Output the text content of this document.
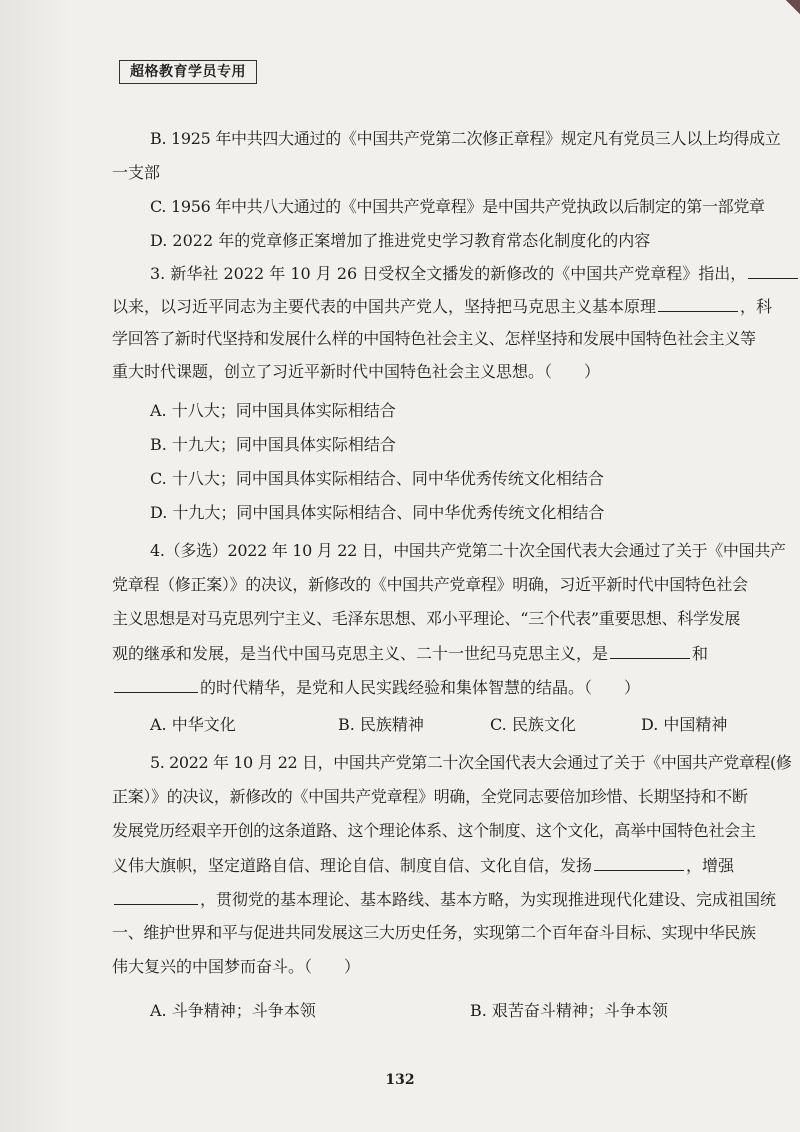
超格教育学员专用
B. 1925 年中共四大通过的《中国共产党第二次修正章程》规定凡有党员三人以上均得成立
一支部
C. 1956 年中共八大通过的《中国共产党章程》是中国共产党执政以后制定的第一部党章
D. 2022 年的党章修正案增加了推进党史学习教育常态化制度化的内容
3. 新华社 2022 年 10 月 26 日受权全文播发的新修改的《中国共产党章程》指出，
以来，以习近平同志为主要代表的中国共产党人，坚持把马克思主义基本原理	，科
学回答了新时代坚持和发展什么样的中国特色社会主义、怎样坚持和发展中国特色社会主义等
重大时代课题，创立了习近平新时代中国特色社会主义思想。（　　）
A. 十八大；同中国具体实际相结合
B. 十九大；同中国具体实际相结合
C. 十八大；同中国具体实际相结合、同中华优秀传统文化相结合
D. 十九大；同中国具体实际相结合、同中华优秀传统文化相结合
4.（多选）2022 年 10 月 22 日，中国共产党第二十次全国代表大会通过了关于《中国共产
党章程（修正案）》的决议，新修改的《中国共产党章程》明确，习近平新时代中国特色社会
主义思想是对马克思列宁主义、毛泽东思想、邓小平理论、“三个代表”重要思想、科学发展
观的继承和发展，是当代中国马克思主义、二十一世纪马克思主义，是	和
的时代精华，是党和人民实践经验和集体智慧的结晶。（　　）
A. 中华文化	B. 民族精神	C. 民族文化	D. 中国精神
5. 2022 年 10 月 22 日，中国共产党第二十次全国代表大会通过了关于《中国共产党章程(修
正案）》的决议，新修改的《中国共产党章程》明确，全党同志要倍加珍惜、长期坚持和不断
发展党历经艰辛开创的这条道路、这个理论体系、这个制度、这个文化，高举中国特色社会主
义伟大旗帜，坚定道路自信、理论自信、制度自信、文化自信，发扬	，增强
，贯彻党的基本理论、基本路线、基本方略，为实现推进现代化建设、完成祖国统
一、维护世界和平与促进共同发展这三大历史任务，实现第二个百年奋斗目标、实现中华民族
伟大复兴的中国梦而奋斗。（　　）
A. 斗争精神；斗争本领	B. 艰苦奋斗精神；斗争本领
132
